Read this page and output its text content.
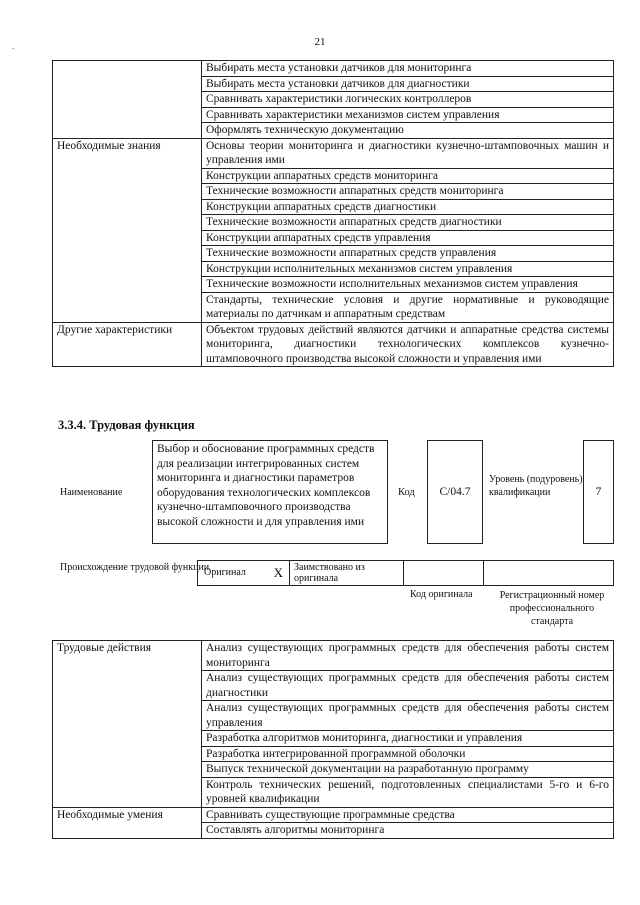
-
21
	Выбирать места установки датчиков для мониторинга
	Выбирать места установки датчиков для диагностики
	Сравнивать характеристики логических контроллеров
	Сравнивать характеристики механизмов систем управления
	Оформлять техническую документацию
Необходимые знания	Основы теории мониторинга и диагностики кузнечно-штамповочных машин и управления ими
	Конструкции аппаратных средств мониторинга
	Технические возможности аппаратных средств мониторинга
	Конструкции аппаратных средств диагностики
	Технические возможности аппаратных средств диагностики
	Конструкции аппаратных средств управления
	Технические возможности аппаратных средств управления
	Конструкции исполнительных механизмов систем управления
	Технические возможности исполнительных механизмов систем управления
	Стандарты, технические условия и другие нормативные и руководящие материалы по датчикам и аппаратным средствам
Другие характеристики	Объектом трудовых действий являются датчики и аппаратные средства системы мониторинга, диагностики технологических комплексов кузнечно-штамповочного производства высокой сложности и управления ими
3.3.4. Трудовая функция
Наименование
Выбор и обоснование программных средств для реализации интегрированных систем мониторинга и диагностики параметров оборудования технологических комплексов кузнечно-штамповочного производства высокой сложности и для управления ими
Код	C/04.7
Уровень (подуровень) квалификации	7
Происхождение трудовой функции
Оригинал X	Заимствовано из оригинала
Код оригинала	Регистрационный номер профессионального стандарта
Трудовые действия	Анализ существующих программных средств для обеспечения работы систем мониторинга
	Анализ существующих программных средств для обеспечения работы систем диагностики
	Анализ существующих программных средств для обеспечения работы систем управления
	Разработка алгоритмов мониторинга, диагностики и управления
	Разработка интегрированной программной оболочки
	Выпуск технической документации на разработанную программу
	Контроль технических решений, подготовленных специалистами 5-го и 6-го уровней квалификации
Необходимые умения	Сравнивать существующие программные средства
	Составлять алгоритмы мониторинга
